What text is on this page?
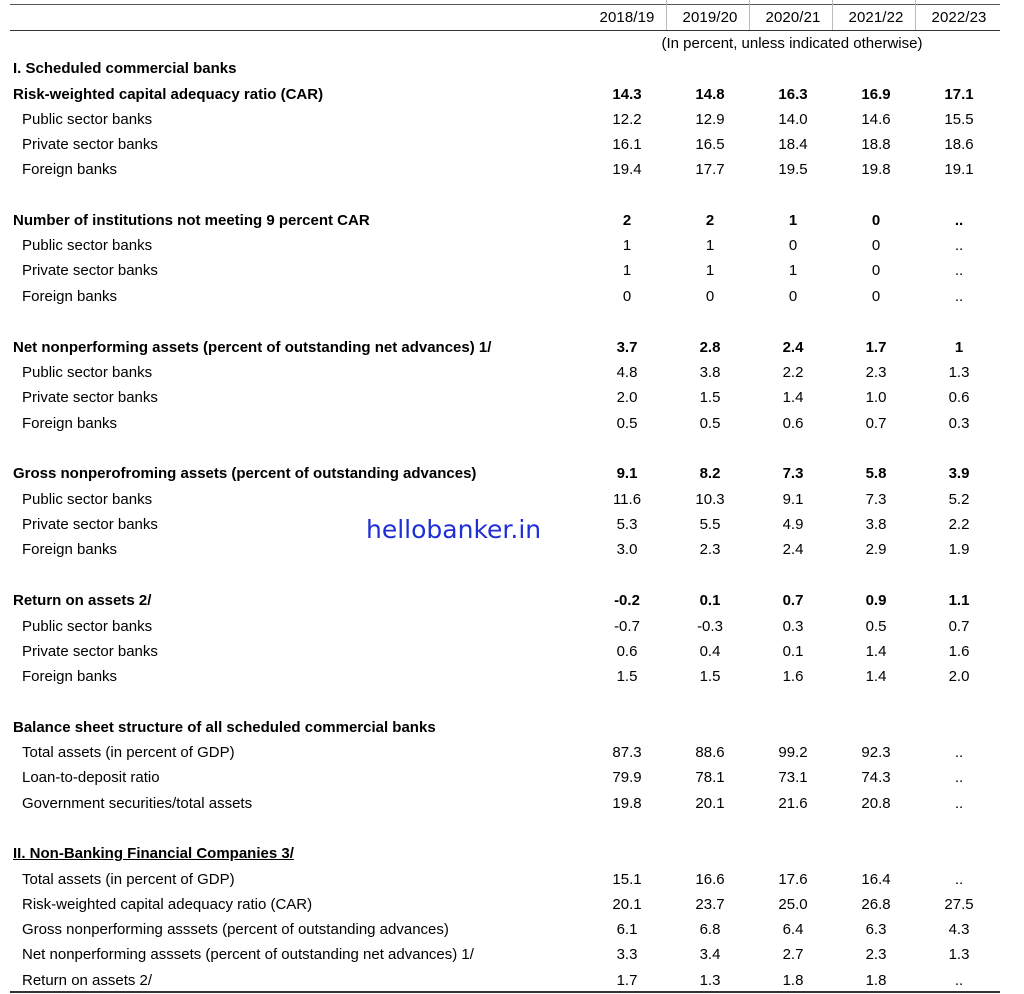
2018/19	2019/20	2020/21	2021/22	2022/23
(In percent, unless indicated otherwise)
I. Scheduled commercial banks
Risk-weighted capital adequacy ratio (CAR)	14.3	14.8	16.3	16.9	17.1
Public sector banks	12.2	12.9	14.0	14.6	15.5
Private sector banks	16.1	16.5	18.4	18.8	18.6
Foreign banks	19.4	17.7	19.5	19.8	19.1
Number of institutions not meeting 9 percent CAR	2	2	1	0	..
Public sector banks	1	1	0	0	..
Private sector banks	1	1	1	0	..
Foreign banks	0	0	0	0	..
Net nonperforming assets (percent of outstanding net advances) 1/	3.7	2.8	2.4	1.7	1
Public sector banks	4.8	3.8	2.2	2.3	1.3
Private sector banks	2.0	1.5	1.4	1.0	0.6
Foreign banks	0.5	0.5	0.6	0.7	0.3
Gross nonperofroming assets (percent of outstanding advances)	9.1	8.2	7.3	5.8	3.9
Public sector banks	11.6	10.3	9.1	7.3	5.2
Private sector banks	5.3	5.5	4.9	3.8	2.2
Foreign banks	3.0	2.3	2.4	2.9	1.9
Return on assets 2/	-0.2	0.1	0.7	0.9	1.1
Public sector banks	-0.7	-0.3	0.3	0.5	0.7
Private sector banks	0.6	0.4	0.1	1.4	1.6
Foreign banks	1.5	1.5	1.6	1.4	2.0
Balance sheet structure of all scheduled commercial banks
Total assets (in percent of GDP)	87.3	88.6	99.2	92.3	..
Loan-to-deposit ratio	79.9	78.1	73.1	74.3	..
Government securities/total assets	19.8	20.1	21.6	20.8	..
II. Non-Banking Financial Companies 3/
Total assets (in percent of GDP)	15.1	16.6	17.6	16.4	..
Risk-weighted capital adequacy ratio (CAR)	20.1	23.7	25.0	26.8	27.5
Gross nonperforming asssets (percent of outstanding advances)	6.1	6.8	6.4	6.3	4.3
Net nonperforming asssets (percent of outstanding net advances) 1/	3.3	3.4	2.7	2.3	1.3
Return on assets 2/	1.7	1.3	1.8	1.8	..
hellobanker.in
